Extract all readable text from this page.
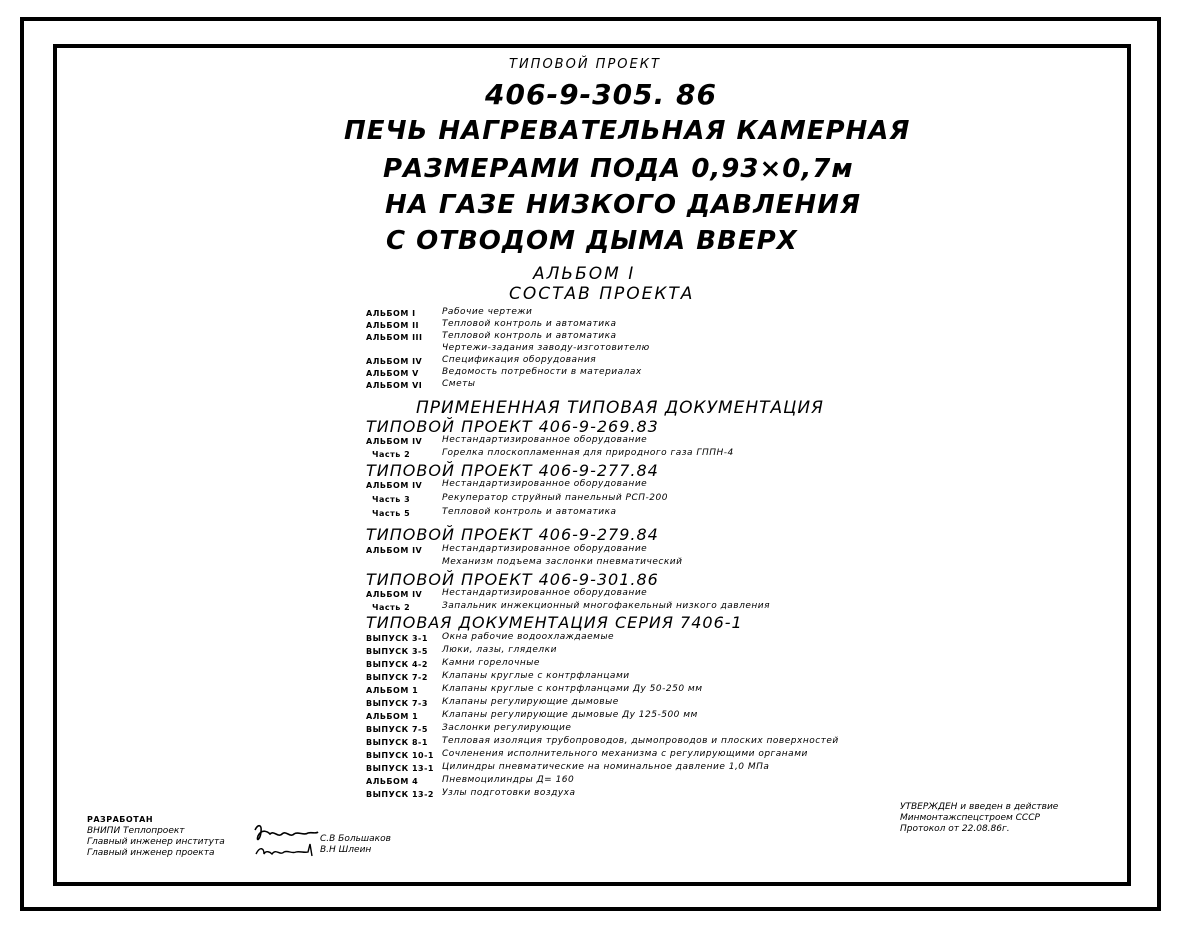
ТИПОВОЙ ПРОЕКТ
406-9-305. 86
ПЕЧЬ НАГРЕВАТЕЛЬНАЯ КАМЕРНАЯ
РАЗМЕРАМИ ПОДА 0,93×0,7м
НА ГАЗЕ НИЗКОГО ДАВЛЕНИЯ
С ОТВОДОМ ДЫМА ВВЕРХ
АЛЬБОМ I
СОСТАВ ПРОЕКТА
АЛЬБОМ I	Рабочие чертежи
АЛЬБОМ II	Тепловой контроль и автоматика
АЛЬБОМ III Тепловой контроль и автоматика
Чертежи-задания заводу-изготовителю
АЛЬБОМ IV Спецификация оборудования
АЛЬБОМ V	Ведомость потребности в материалах
АЛЬБОМ VI Сметы
ПРИМЕНЕННАЯ ТИПОВАЯ ДОКУМЕНТАЦИЯ
ТИПОВОЙ ПРОЕКТ 406-9-269.83
АЛЬБОМ IV Нестандартизированное оборудование
Часть 2	Горелка плоскопламенная для природного газа ГППН-4
ТИПОВОЙ ПРОЕКТ 406-9-277.84
АЛЬБОМ IV Нестандартизированное оборудование
Часть 3	Рекуператор струйный панельный РСП-200
Часть 5	Тепловой контроль и автоматика
ТИПОВОЙ ПРОЕКТ 406-9-279.84
АЛЬБОМ IV Нестандартизированное оборудование
Механизм подъема заслонки пневматический
ТИПОВОЙ ПРОЕКТ 406-9-301.86
АЛЬБОМ IV Нестандартизированное оборудование
Часть 2	Запальник инжекционный многофакельный низкого давления
ТИПОВАЯ ДОКУМЕНТАЦИЯ СЕРИЯ 7406-1
ВЫПУСК 3-1 Окна рабочие водоохлаждаемые
ВЫПУСК 3-5 Люки, лазы, гляделки
ВЫПУСК 4-2 Камни горелочные
ВЫПУСК 7-2 Клапаны круглые с контрфланцами
АЛЬБОМ 1	Клапаны круглые с контрфланцами Ду 50-250 мм
ВЫПУСК 7-3 Клапаны регулирующие дымовые
АЛЬБОМ 1	Клапаны регулирующие дымовые Ду 125-500 мм
ВЫПУСК 7-5 Заслонки регулирующие
ВЫПУСК 8-1 Тепловая изоляция трубопроводов, дымопроводов и плоских поверхностей
ВЫПУСК 10-1 Сочленения исполнительного механизма с регулирующими органами
ВЫПУСК 13-1 Цилиндры пневматические на номинальное давление 1,0 МПа
АЛЬБОМ 4	Пневмоцилиндры Д= 160
ВЫПУСК 13-2 Узлы подготовки воздуха
РАЗРАБОТАН
ВНИПИ Теплопроект
Главный инженер института
Главный инженер проекта
С.В Большаков
В.Н Шлеин
УТВЕРЖДЕН и введен в действие
Минмонтажспецстроем СССР
Протокол от 22.08.86г.
